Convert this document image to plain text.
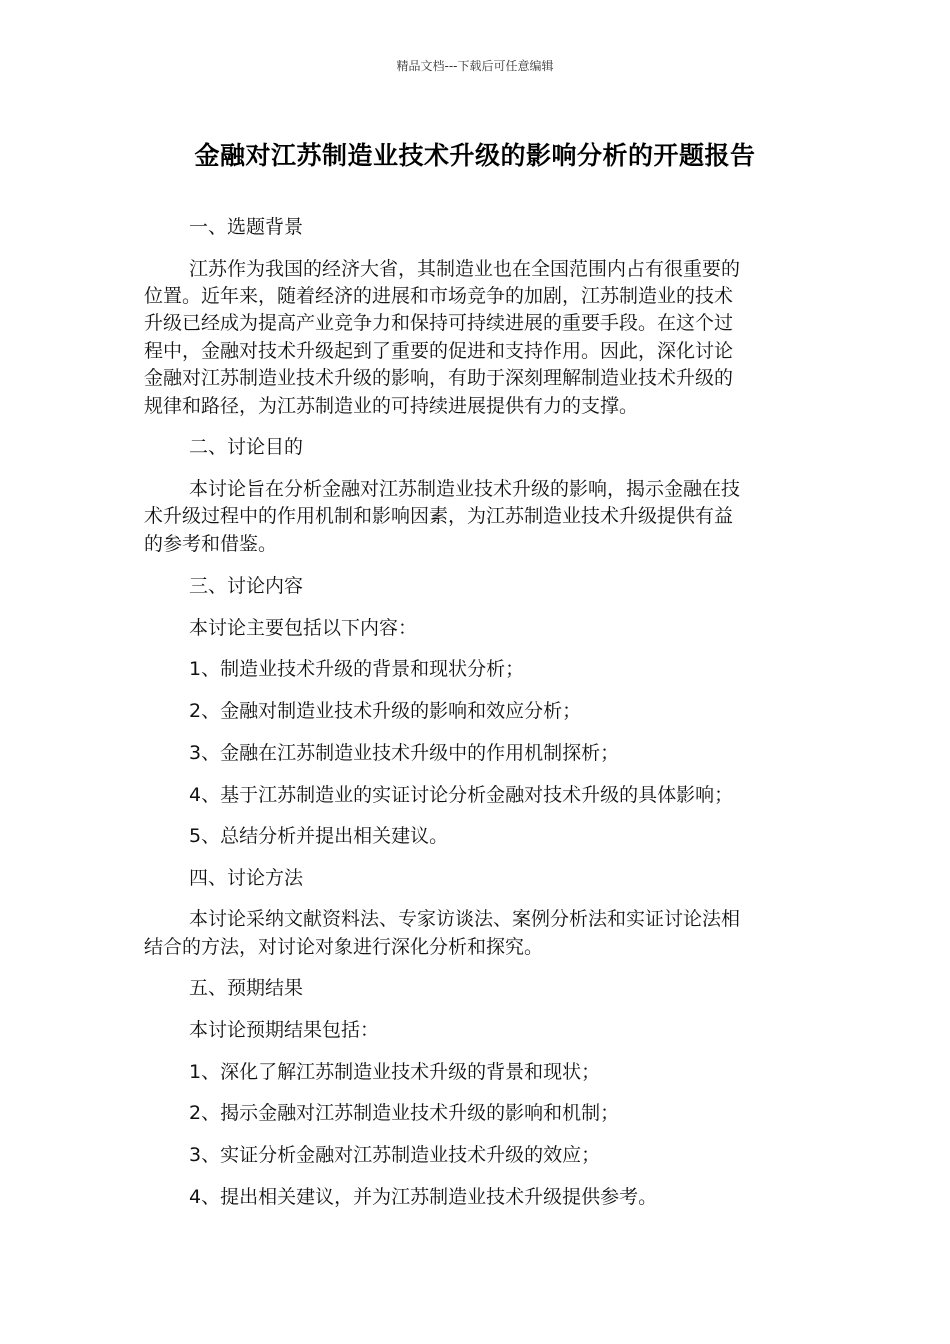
精品文档---下载后可任意编辑
金融对江苏制造业技术升级的影响分析的开题报告
一、选题背景
江苏作为我国的经济大省，其制造业也在全国范围内占有很重要的
位置。近年来，随着经济的进展和市场竞争的加剧，江苏制造业的技术
升级已经成为提高产业竞争力和保持可持续进展的重要手段。在这个过
程中，金融对技术升级起到了重要的促进和支持作用。因此，深化讨论
金融对江苏制造业技术升级的影响，有助于深刻理解制造业技术升级的
规律和路径，为江苏制造业的可持续进展提供有力的支撑。
二、讨论目的
本讨论旨在分析金融对江苏制造业技术升级的影响，揭示金融在技
术升级过程中的作用机制和影响因素，为江苏制造业技术升级提供有益
的参考和借鉴。
三、讨论内容
本讨论主要包括以下内容：
1、制造业技术升级的背景和现状分析；
2、金融对制造业技术升级的影响和效应分析；
3、金融在江苏制造业技术升级中的作用机制探析；
4、基于江苏制造业的实证讨论分析金融对技术升级的具体影响；
5、总结分析并提出相关建议。
四、讨论方法
本讨论采纳文献资料法、专家访谈法、案例分析法和实证讨论法相
结合的方法，对讨论对象进行深化分析和探究。
五、预期结果
本讨论预期结果包括：
1、深化了解江苏制造业技术升级的背景和现状；
2、揭示金融对江苏制造业技术升级的影响和机制；
3、实证分析金融对江苏制造业技术升级的效应；
4、提出相关建议，并为江苏制造业技术升级提供参考。
